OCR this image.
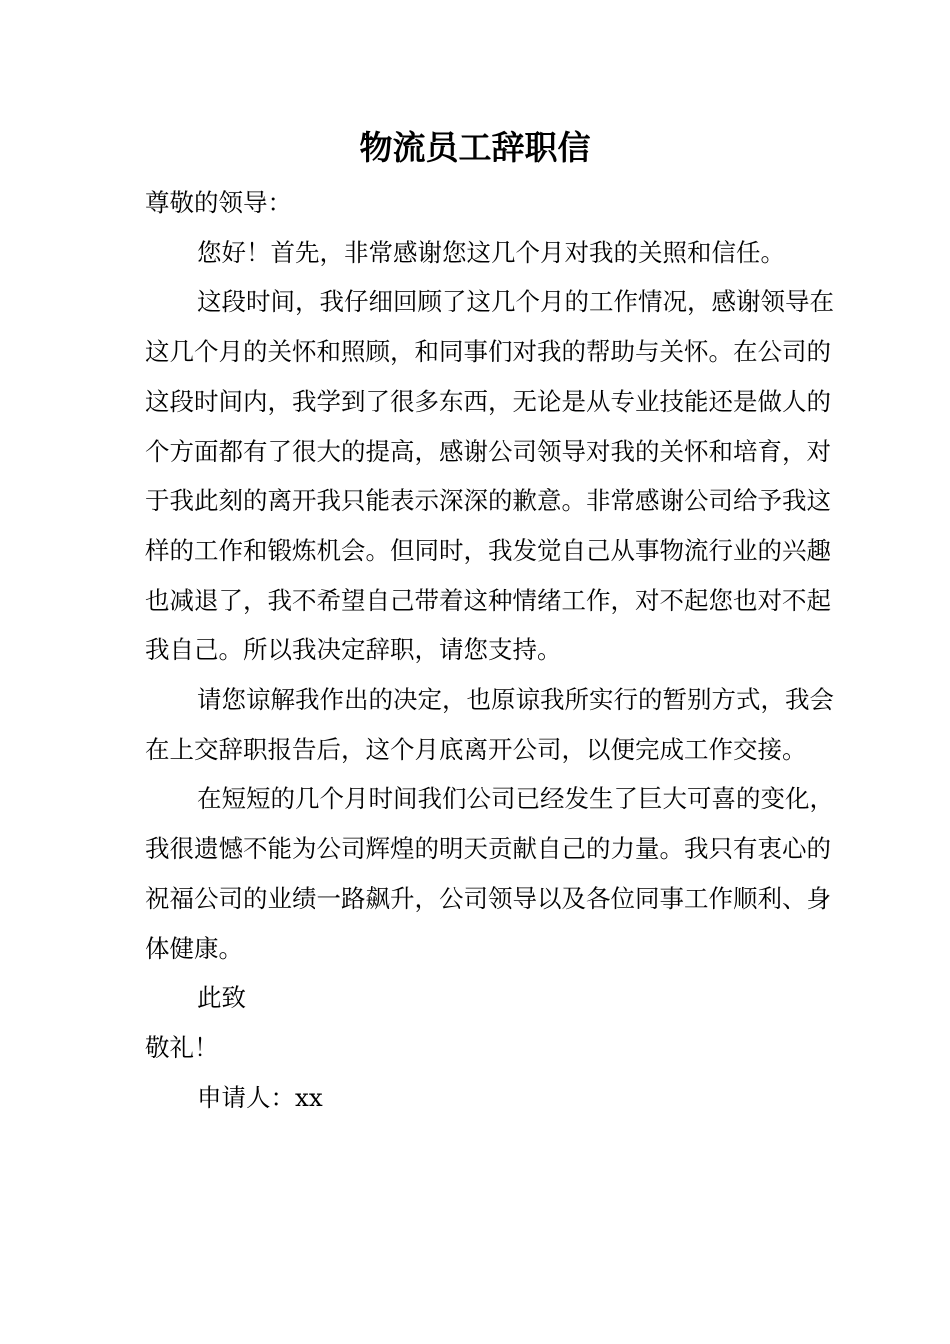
物流员工辞职信

尊敬的领导：

您好！首先，非常感谢您这几个月对我的关照和信任。

这段时间，我仔细回顾了这几个月的工作情况，感谢领导在这几个月的关怀和照顾，和同事们对我的帮助与关怀。在公司的这段时间内，我学到了很多东西，无论是从专业技能还是做人的个方面都有了很大的提高，感谢公司领导对我的关怀和培育，对于我此刻的离开我只能表示深深的歉意。非常感谢公司给予我这样的工作和锻炼机会。但同时，我发觉自己从事物流行业的兴趣也减退了，我不希望自己带着这种情绪工作，对不起您也对不起我自己。所以我决定辞职，请您支持。

请您谅解我作出的决定，也原谅我所实行的暂别方式，我会在上交辞职报告后，这个月底离开公司，以便完成工作交接。

在短短的几个月时间我们公司已经发生了巨大可喜的变化，我很遗憾不能为公司辉煌的明天贡献自己的力量。我只有衷心的祝福公司的业绩一路飙升，公司领导以及各位同事工作顺利、身体健康。

此致

敬礼！

申请人：xx
